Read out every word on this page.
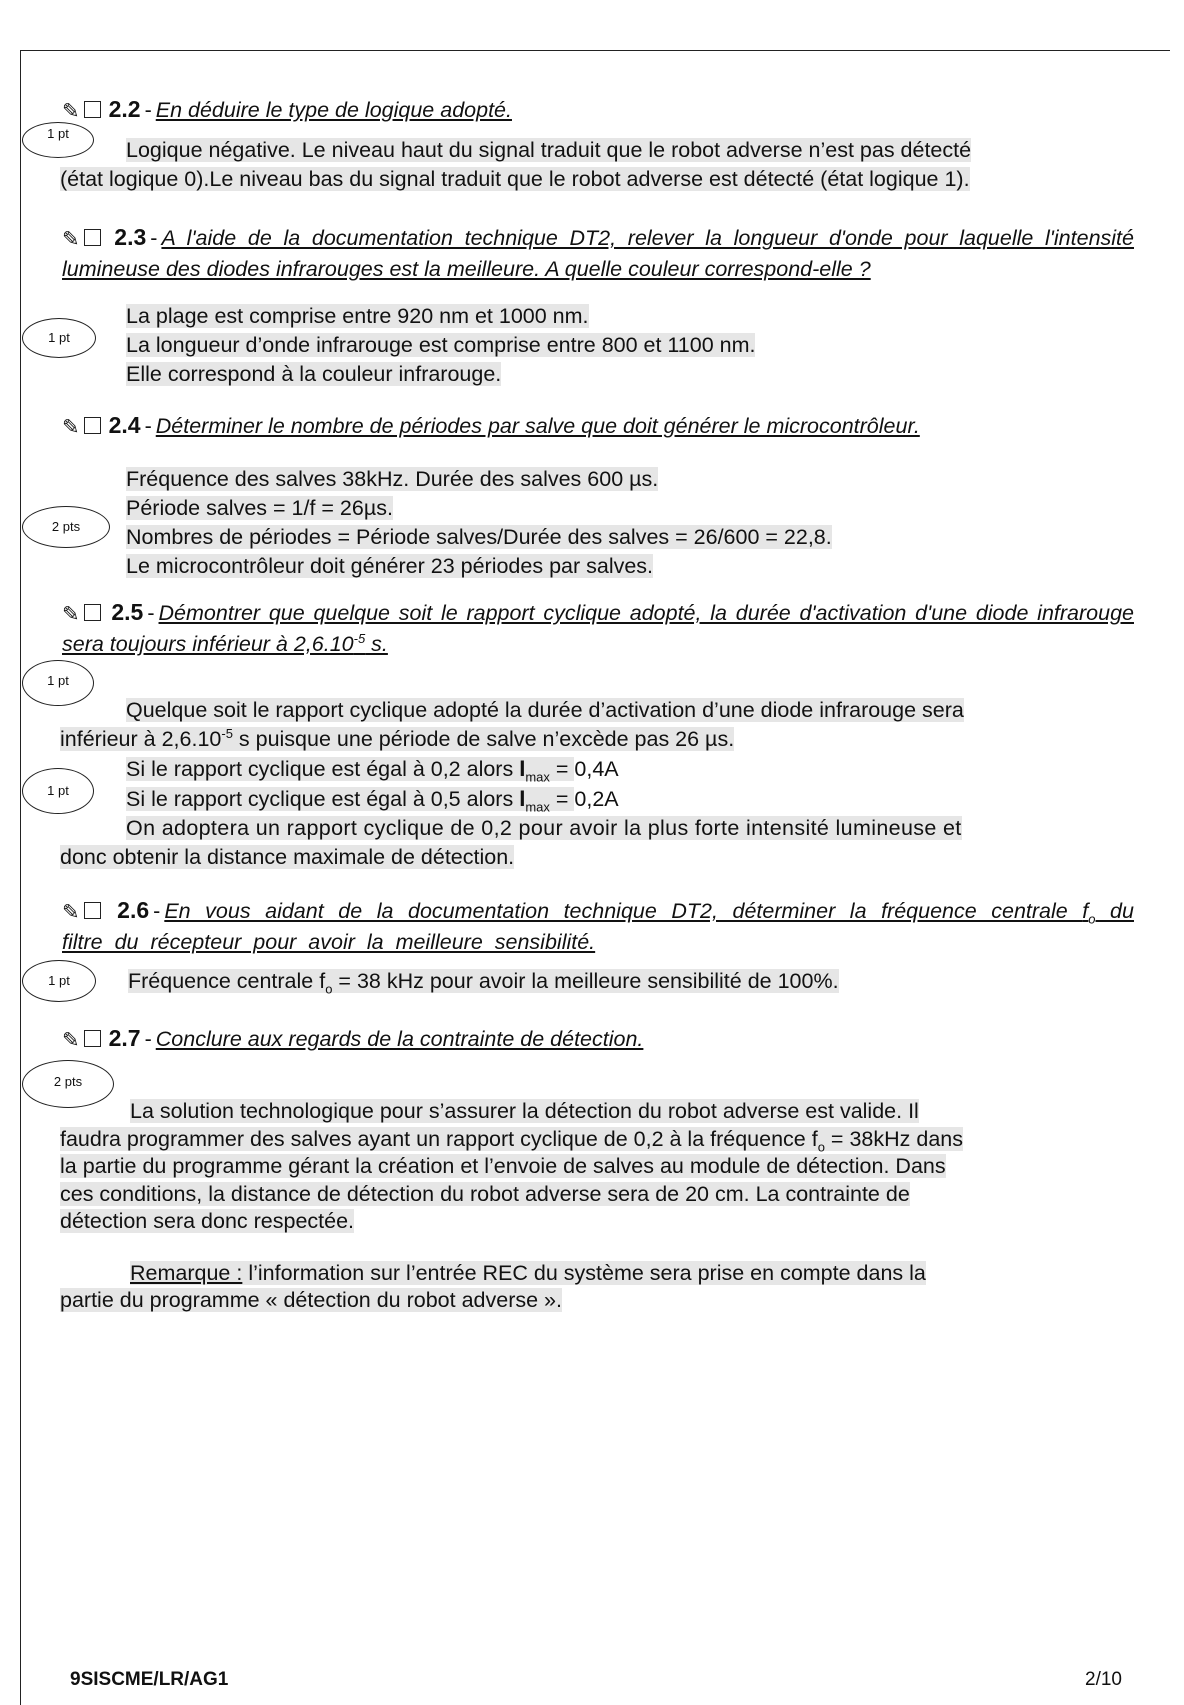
✎ 2.2 - En déduire le type de logique adopté.
1 pt
Logique négative. Le niveau haut du signal traduit que le robot adverse n’est pas détecté
(état logique 0).Le niveau bas du signal traduit que le robot adverse est détecté (état logique 1).
✎ 2.3 - A l'aide de la documentation technique DT2, relever la longueur d'onde pour laquelle l'intensité lumineuse des diodes infrarouges est la meilleure. A quelle couleur correspond-elle ?
1 pt
La plage est comprise entre 920 nm et 1000 nm.
La longueur d’onde infrarouge est comprise entre 800 et 1100 nm.
Elle correspond à la couleur infrarouge.
✎ 2.4 - Déterminer le nombre de périodes par salve que doit générer le microcontrôleur.
2 pts
Fréquence des salves 38kHz. Durée des salves 600 µs.
Période salves = 1/f = 26µs.
Nombres de périodes = Période salves/Durée des salves = 26/600 = 22,8.
Le microcontrôleur doit générer 23 périodes par salves.
✎ 2.5 - Démontrer que quelque soit le rapport cyclique adopté, la durée d'activation d'une diode infrarouge sera toujours inférieur à $2,6.10^{-5}$ s.
1 pt
1 pt
Quelque soit le rapport cyclique adopté la durée d’activation d’une diode infrarouge sera
inférieur à $2,6.10^{-5}$ s puisque une période de salve n’excède pas 26 µs.
Si le rapport cyclique est égal à 0,2 alors $I_{max} = 0,4A$
Si le rapport cyclique est égal à 0,5 alors $I_{max} = 0,2A$
On adoptera un rapport cyclique de 0,2 pour avoir la plus forte intensité lumineuse et
donc obtenir la distance maximale de détection.
✎ 2.6 - En vous aidant de la documentation technique DT2, déterminer la fréquence centrale $f_o$ du filtre du récepteur pour avoir la meilleure sensibilité.
1 pt	Fréquence centrale $f_o = 38$ kHz pour avoir la meilleure sensibilité de 100%.
✎ 2.7 - Conclure aux regards de la contrainte de détection.
2 pts
La solution technologique pour s’assurer la détection du robot adverse est valide. Il
faudra programmer des salves ayant un rapport cyclique de 0,2 à la fréquence $f_o = 38kHz$ dans
la partie du programme gérant la création et l’envoie de salves au module de détection. Dans
ces conditions, la distance de détection du robot adverse sera de 20 cm. La contrainte de
détection sera donc respectée.
Remarque : l’information sur l’entrée REC du système sera prise en compte dans la
partie du programme « détection du robot adverse ».
9SISCME/LR/AG1	2/10
